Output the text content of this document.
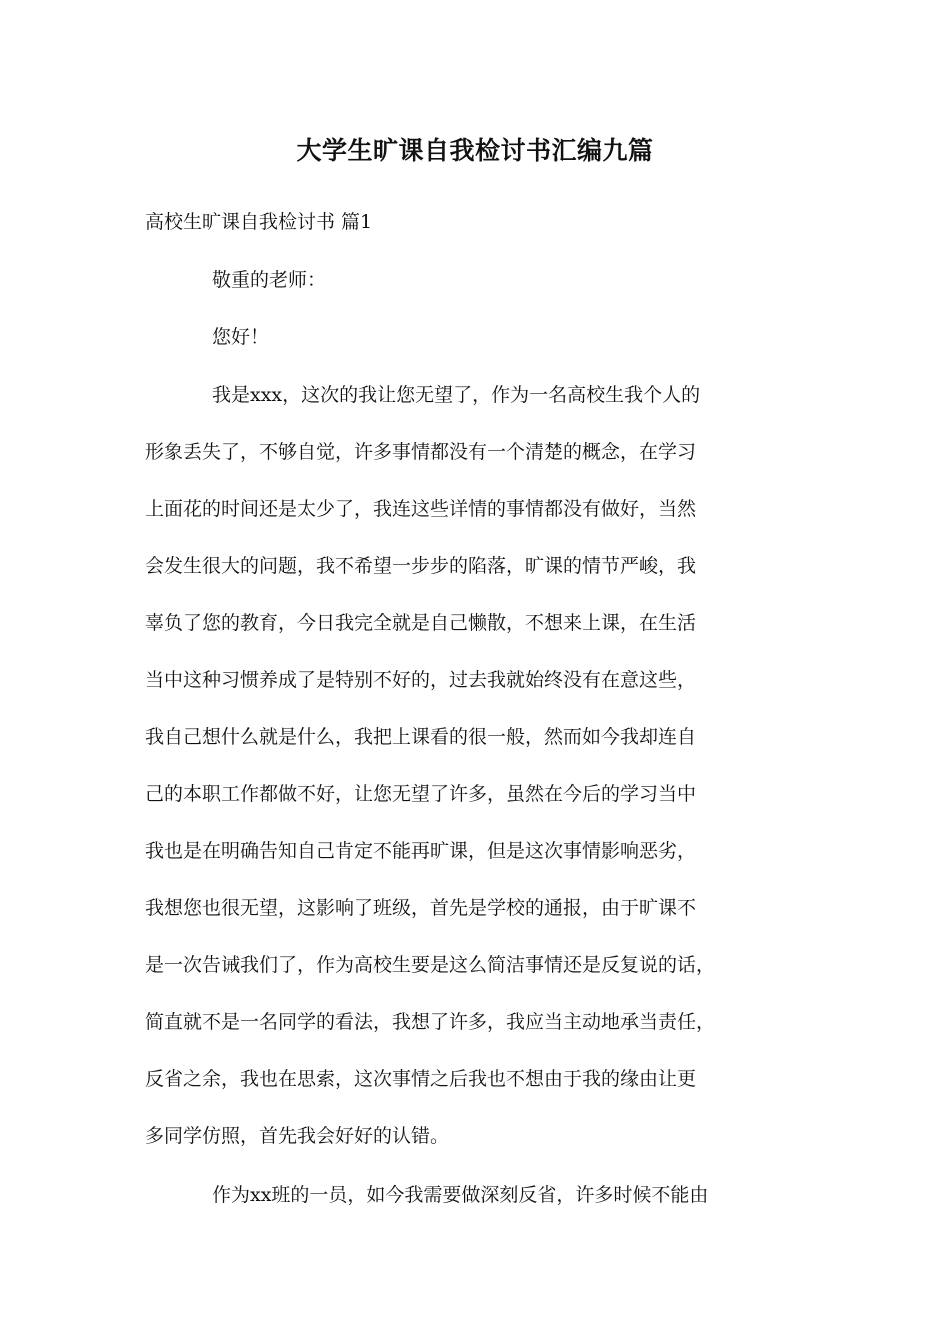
大学生旷课自我检讨书汇编九篇

高校生旷课自我检讨书 篇1

敬重的老师：

您好！

我是xxx，这次的我让您无望了，作为一名高校生我个人的

形象丢失了，不够自觉，许多事情都没有一个清楚的概念，在学习

上面花的时间还是太少了，我连这些详情的事情都没有做好，当然

会发生很大的问题，我不希望一步步的陷落，旷课的情节严峻，我

辜负了您的教育，今日我完全就是自己懒散，不想来上课，在生活

当中这种习惯养成了是特别不好的，过去我就始终没有在意这些，

我自己想什么就是什么，我把上课看的很一般，然而如今我却连自

己的本职工作都做不好，让您无望了许多，虽然在今后的学习当中

我也是在明确告知自己肯定不能再旷课，但是这次事情影响恶劣，

我想您也很无望，这影响了班级，首先是学校的通报，由于旷课不

是一次告诫我们了，作为高校生要是这么简洁事情还是反复说的话，

简直就不是一名同学的看法，我想了许多，我应当主动地承当责任，

反省之余，我也在思索，这次事情之后我也不想由于我的缘由让更

多同学仿照，首先我会好好的认错。

作为xx班的一员，如今我需要做深刻反省，许多时候不能由
